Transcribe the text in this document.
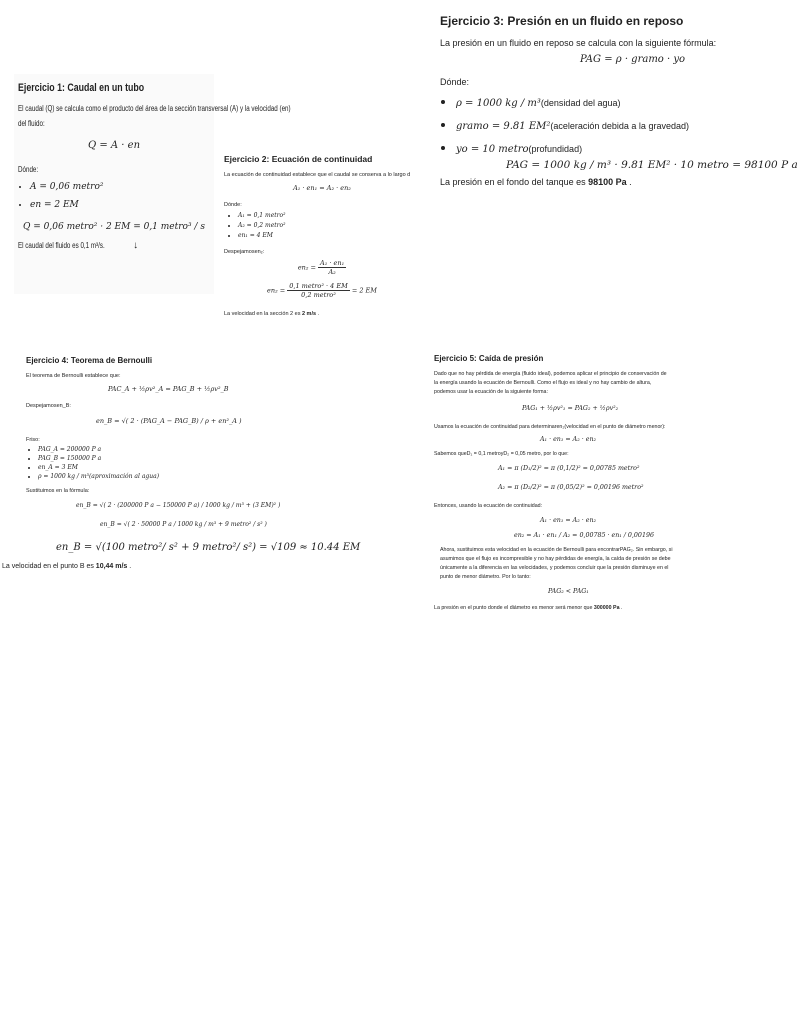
Ejercicio 1: Caudal en un tubo
El caudal (Q) se calcula como el producto del área de la sección transversal (A) y la velocidad (en)
del fluido:
Q = A · en
Dónde:
• A = 0,06 metro²
• en = 2 EM
Q = 0,06 metro² · 2 EM = 0,1 metro³ / s
El caudal del fluido es 0,1 m³/s.	↓
Ejercicio 2: Ecuación de continuidad
La ecuación de continuidad establece que el caudal se conserva a lo largo d
A₁ · en₁ = A₂ · en₂
Dónde:
• A₁ = 0,1 metro²
• A₂ = 0,2 metro²
• en₁ = 4 EM
Despejamosen₂:
$en_2 = \frac{\text{A₁ · en₁}}{\text{A₂}}$
$en_2 = \frac{\text{0,1 metro² · 4 EM}}{\text{0,2 metro²}} = 2$ EM
La velocidad en la sección 2 es 2 m/s .
Ejercicio 3: Presión en un fluido en reposo
La presión en un fluido en reposo se calcula con la siguiente fórmula:
PAG = ρ · gramo · yo
Dónde:
• ρ = 1000 kg / m³(densidad del agua)
• gramo = 9.81 EM²(aceleración debida a la gravedad)
• yo = 10 metro(profundidad)
PAG = 1000 kg / m³ · 9.81 EM² · 10 metro = 98100 P a
La presión en el fondo del tanque es 98100 Pa .
Ejercicio 4: Teorema de Bernoulli
El teorema de Bernoulli establece que:
PAC_A + ½ρv²_A = PAG_B + ½ρv²_B
Despejamosen_B:
en_B = √( 2 · (PAG_A − PAG_B) / ρ + en²_A )
Friso:
• PAG_A = 200000 P a
• PAG_B = 150000 P a
• en_A = 3 EM
• ρ = 1000 kg / m³(aproximación al agua)
Sustituimos en la fórmula:
en_B = √( 2 · (200000 P a − 150000 P a) / 1000 kg / m³ + (3 EM)² )
en_B = √( 2 · 50000 P a / 1000 kg / m³ + 9 metro² / s² )
en_B = √(100 metro²/ s² + 9 metro²/ s²) = √109 ≈ 10.44 EM
La velocidad en el punto B es 10,44 m/s .
Ejercicio 5: Caída de presión
Dado que no hay pérdida de energía (fluido ideal), podemos aplicar el principio de conservación de
la energía usando la ecuación de Bernoulli. Como el flujo es ideal y no hay cambio de altura,
podemos usar la ecuación de la siguiente forma:
PAG₁ + ½ρv²₁ = PAG₂ + ½ρv²₂
Usamos la ecuación de continuidad para determinaren₂(velocidad en el punto de diámetro menor):
A₁ · en₁ = A₂ · en₂
Sabemos queD₁ = 0,1 metroyD₂ = 0,05 metro, por lo que:
A₁ = π (D₁/2)² = π (0,1/2)² = 0,00785 metro²
A₂ = π (D₂/2)² = π (0,05/2)² = 0,00196 metro²
Entonces, usando la ecuación de continuidad:
A₁ · en₁ = A₂ · en₂
en₂ = A₁ · en₁ / A₂ = 0,00785 · en₁ / 0,00196
Ahora, sustituimos esta velocidad en la ecuación de Bernoulli para encontrarPAG₂. Sin embargo, si
asumimos que el flujo es incompresible y no hay pérdidas de energía, la caída de presión se debe
únicamente a la diferencia en las velocidades, y podemos concluir que la presión disminuye en el
punto de menor diámetro. Por lo tanto:
PAG₂ < PAG₁
La presión en el punto donde el diámetro es menor será menor que 300000 Pa .
